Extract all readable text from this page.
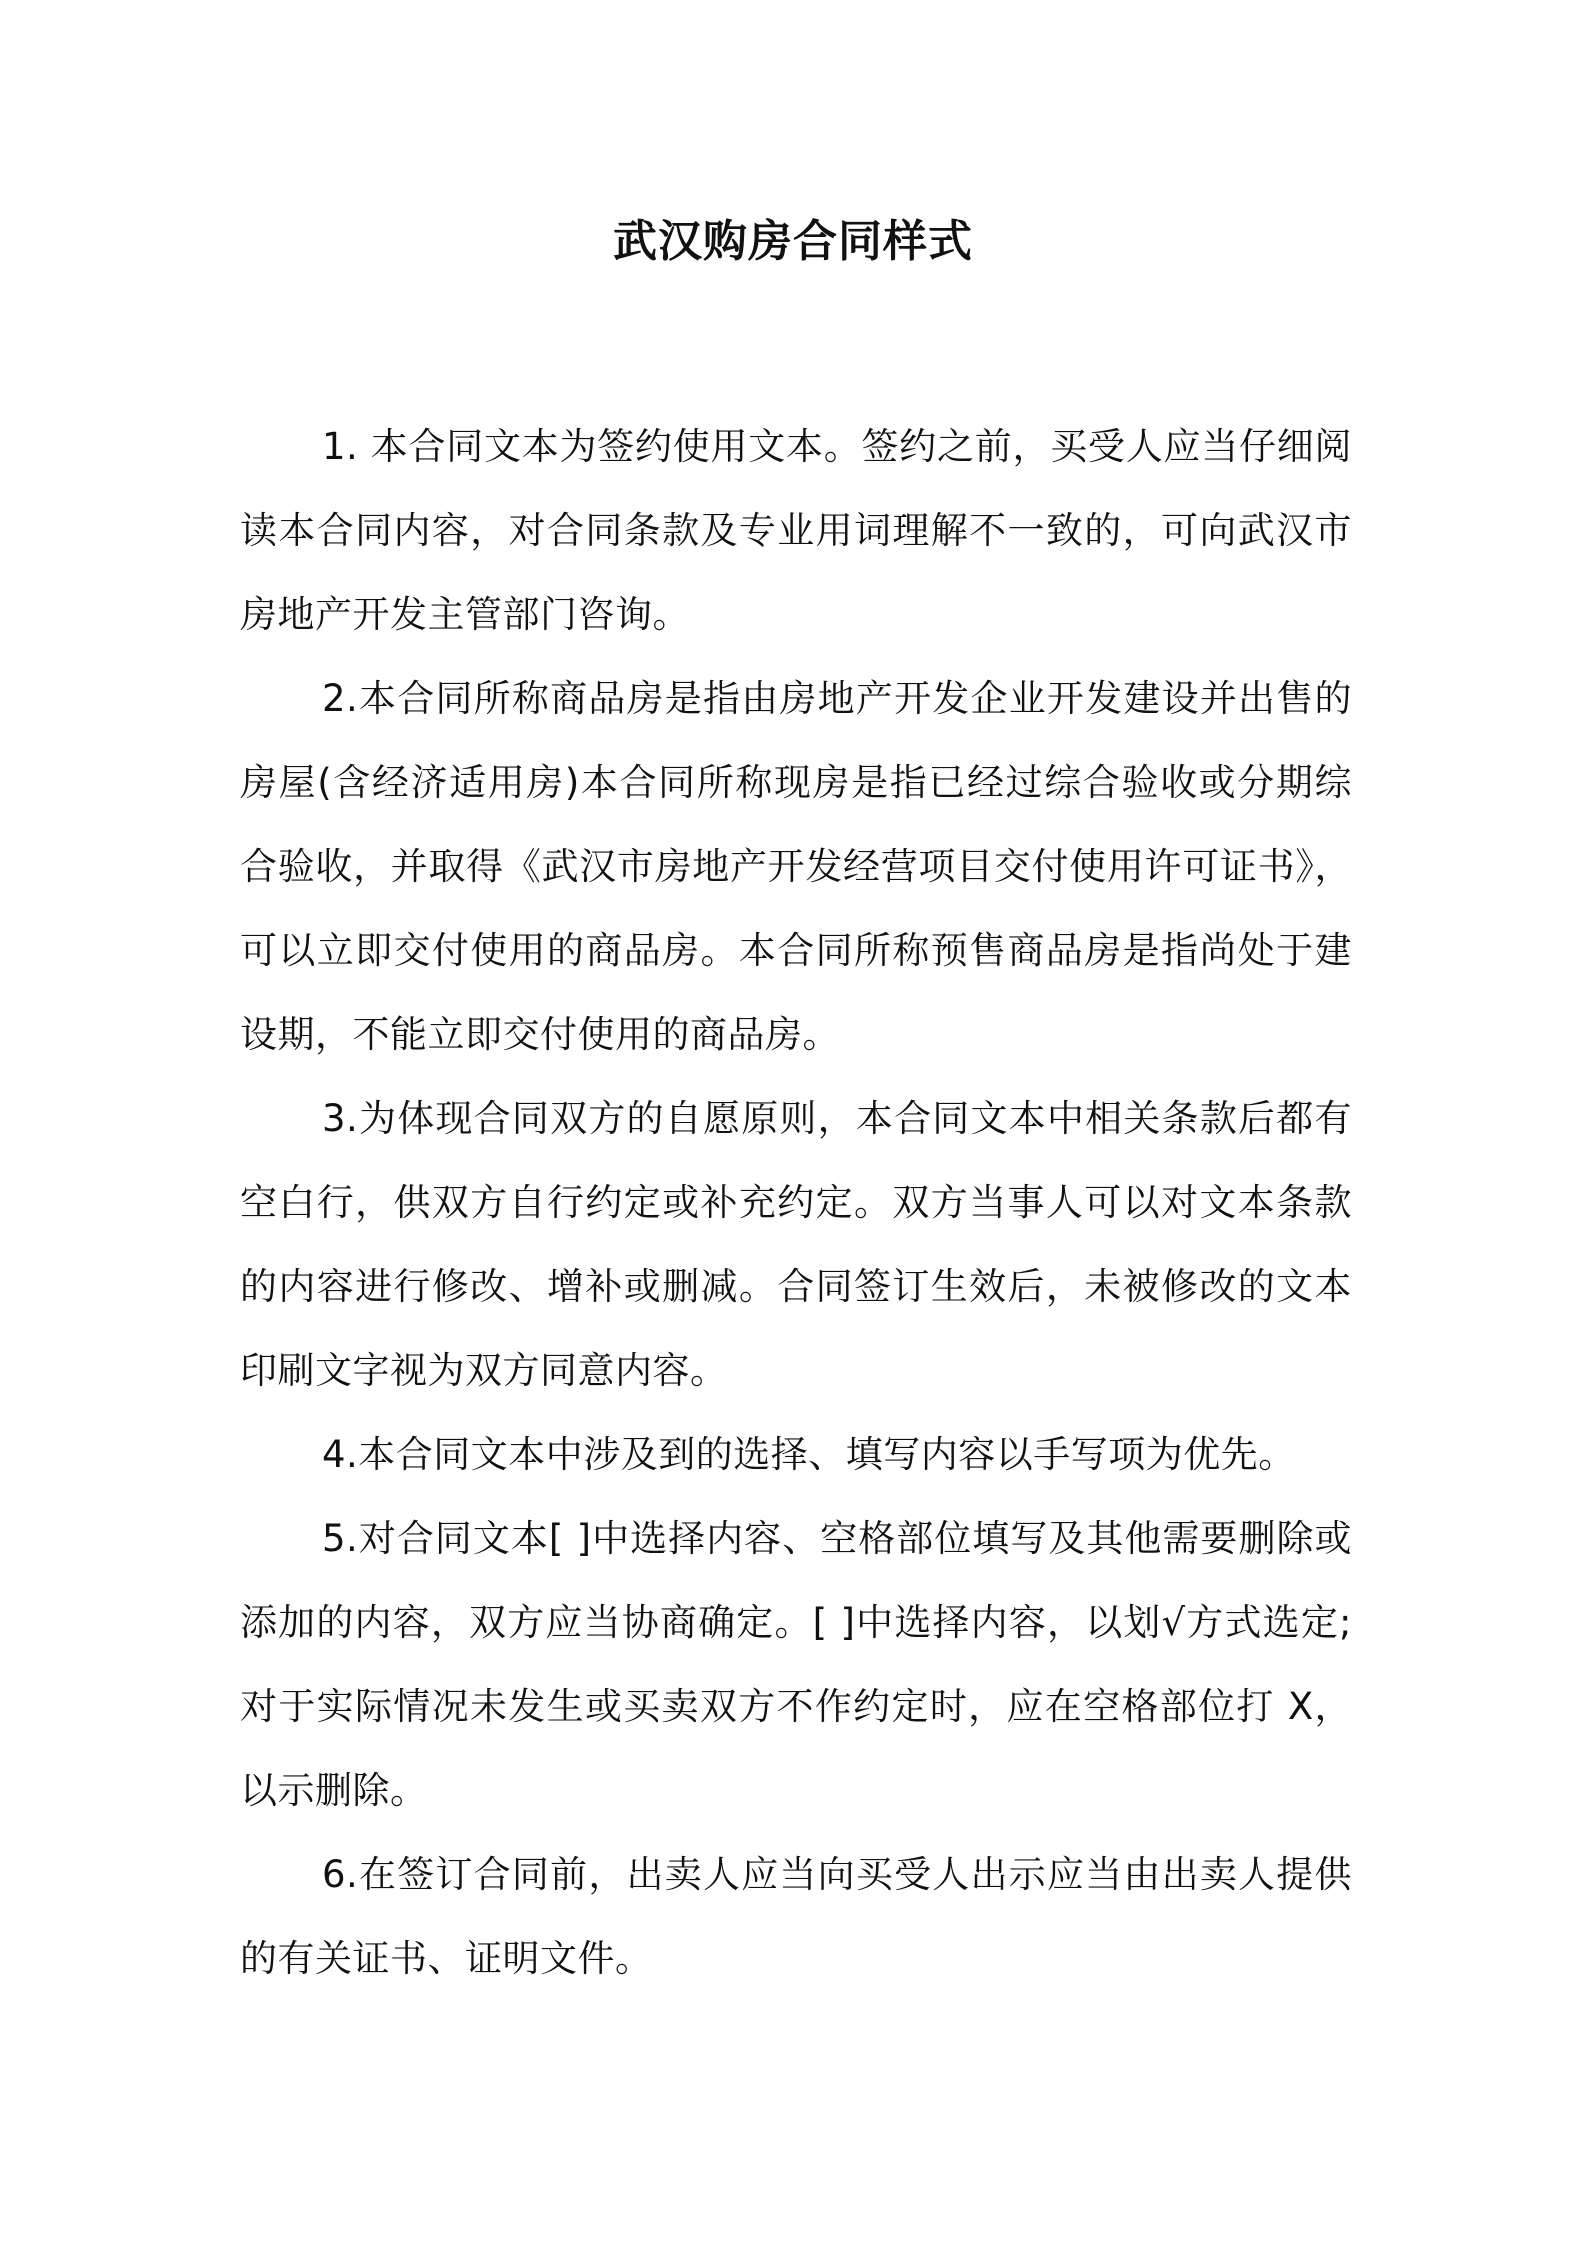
武汉购房合同样式

1. 本合同文本为签约使用文本。签约之前，买受人应当仔细阅读本合同内容，对合同条款及专业用词理解不一致的，可向武汉市房地产开发主管部门咨询。

2.本合同所称商品房是指由房地产开发企业开发建设并出售的房屋(含经济适用房)本合同所称现房是指已经过综合验收或分期综合验收，并取得《武汉市房地产开发经营项目交付使用许可证书》，可以立即交付使用的商品房。本合同所称预售商品房是指尚处于建设期，不能立即交付使用的商品房。

3.为体现合同双方的自愿原则，本合同文本中相关条款后都有空白行，供双方自行约定或补充约定。双方当事人可以对文本条款的内容进行修改、增补或删减。合同签订生效后，未被修改的文本印刷文字视为双方同意内容。

4.本合同文本中涉及到的选择、填写内容以手写项为优先。

5.对合同文本[ ]中选择内容、空格部位填写及其他需要删除或添加的内容，双方应当协商确定。[ ]中选择内容，以划√方式选定;对于实际情况未发生或买卖双方不作约定时，应在空格部位打 X，以示删除。

6.在签订合同前，出卖人应当向买受人出示应当由出卖人提供的有关证书、证明文件。
